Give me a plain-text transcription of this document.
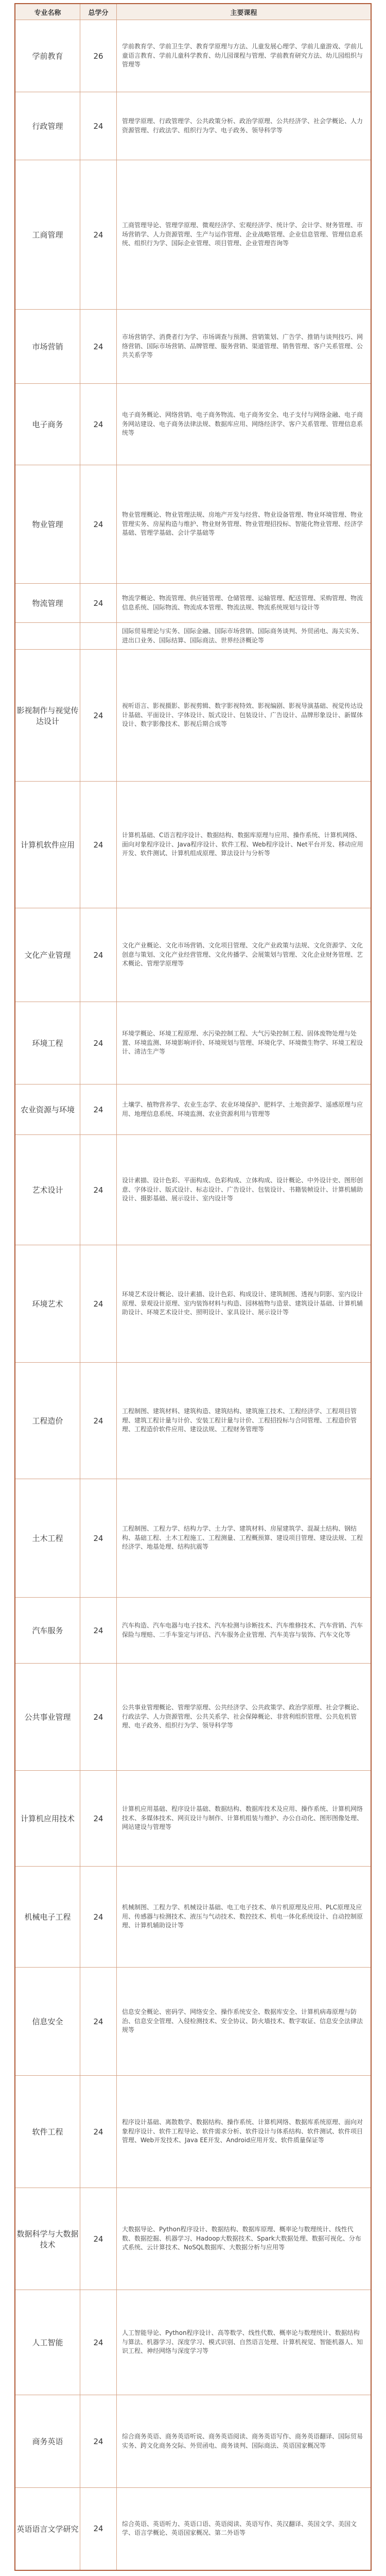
专业名称	总学分	主要课程
学前教育	26	学前教育学、学前卫生学、教育学原理与方法、儿童发展心理学、学前儿童游戏、学前儿童语言教育、学前儿童科学教育、幼儿园课程与管理、学前教育研究方法、幼儿园组织与管理等
行政管理	24	管理学原理、行政管理学、公共政策分析、政治学原理、公共经济学、社会学概论、人力资源管理、行政法学、组织行为学、电子政务、领导科学等
工商管理	24	工商管理导论、管理学原理、微观经济学、宏观经济学、统计学、会计学、财务管理、市场营销学、人力资源管理、生产与运作管理、企业战略管理、企业信息管理、管理信息系统、组织行为学、国际企业管理、项目管理、企业管理咨询等
市场营销	24	市场营销学、消费者行为学、市场调查与预测、营销策划、广告学、推销与谈判技巧、网络营销、国际市场营销、品牌管理、服务营销、渠道管理、销售管理、客户关系管理、公共关系学等
电子商务	24	电子商务概论、网络营销、电子商务物流、电子商务安全、电子支付与网络金融、电子商务网站建设、电子商务法律法规、数据库应用、网络经济学、客户关系管理、管理信息系统等
物业管理	24	物业管理概论、物业管理法规、房地产开发与经营、物业设备管理、物业环境管理、物业管理实务、房屋构造与维护、物业财务管理、物业管理招投标、智能化物业管理、经济学基础、管理学基础、会计学基础等
物流管理	24	物流学概论、物流管理、供应链管理、仓储管理、运输管理、配送管理、采购管理、物流信息系统、国际物流、物流成本管理、物流法规、物流系统规划与设计等
		国际贸易理论与实务、国际金融、国际市场营销、国际商务谈判、外贸函电、海关实务、进出口业务、国际结算、国际商法、世界经济概论等
影视制作与视觉传达设计	24	视听语言、影视摄影、影视剪辑、数字影视特效、影视编剧、影视导演基础、视觉传达设计基础、平面设计、字体设计、版式设计、包装设计、广告设计、品牌形象设计、新媒体设计、数字影像技术、影视后期合成等
计算机软件应用	24	计算机基础、C语言程序设计、数据结构、数据库原理与应用、操作系统、计算机网络、面向对象程序设计、Java程序设计、软件工程、Web程序设计、Net平台开发、移动应用开发、软件测试、计算机组成原理、算法设计与分析等
文化产业管理	24	文化产业概论、文化市场营销、文化项目管理、文化产业政策与法规、文化资源学、文化创意与策划、文化产业经营管理、文化传播学、会展策划与管理、文化企业财务管理、艺术概论、管理学原理等
环境工程	24	环境学概论、环境工程原理、水污染控制工程、大气污染控制工程、固体废物处理与处置、环境监测、环境影响评价、环境规划与管理、环境化学、环境微生物学、环境工程设计、清洁生产等
农业资源与环境	24	土壤学、植物营养学、农业生态学、农业环境保护、肥料学、土地资源学、遥感原理与应用、地理信息系统、环境监测、农业资源利用与管理等
艺术设计	24	设计素描、设计色彩、平面构成、色彩构成、立体构成、设计概论、中外设计史、图形创意、字体设计、版式设计、标志设计、广告设计、包装设计、书籍装帧设计、计算机辅助设计、摄影基础、展示设计、室内设计等
环境艺术	24	环境艺术设计概论、设计素描、设计色彩、构成设计、建筑制图、透视与阴影、室内设计原理、景观设计原理、室内装饰材料与构造、园林植物与造景、建筑设计基础、计算机辅助设计、环境艺术设计史、照明设计、家具设计、展示设计等
工程造价	24	工程制图、建筑材料、建筑构造、建筑结构、建筑施工技术、工程经济学、工程项目管理、建筑工程计量与计价、安装工程计量与计价、工程招投标与合同管理、工程造价管理、工程造价软件应用、建设法规、工程财务管理等
土木工程	24	工程制图、工程力学、结构力学、土力学、建筑材料、房屋建筑学、混凝土结构、钢结构、基础工程、土木工程施工、工程测量、工程概预算、建设项目管理、建设法规、工程经济学、地基处理、结构抗震等
汽车服务	24	汽车构造、汽车电器与电子技术、汽车检测与诊断技术、汽车维修技术、汽车营销、汽车保险与理赔、二手车鉴定与评估、汽车服务企业管理、汽车美容与装饰、汽车文化等
公共事业管理	24	公共事业管理概论、管理学原理、公共经济学、公共政策学、政治学原理、社会学概论、行政法学、人力资源管理、公共关系学、社会保障概论、非营利组织管理、公共危机管理、电子政务、组织行为学、领导科学等
计算机应用技术	24	计算机应用基础、程序设计基础、数据结构、数据库技术及应用、操作系统、计算机网络技术、多媒体技术、网页设计与制作、计算机组装与维护、办公自动化、图形图像处理、网站建设与管理等
机械电子工程	24	机械制图、工程力学、机械设计基础、电工电子技术、单片机原理及应用、PLC原理及应用、传感器与检测技术、液压与气动技术、数控技术、机电一体化系统设计、自动控制原理、计算机辅助设计等
信息安全	24	信息安全概论、密码学、网络安全、操作系统安全、数据库安全、计算机病毒原理与防治、信息安全管理、入侵检测技术、安全协议、防火墙技术、数字取证、信息安全法律法规等
软件工程	24	程序设计基础、离散数学、数据结构、操作系统、计算机网络、数据库系统原理、面向对象程序设计、软件工程导论、软件需求分析、软件设计与体系结构、软件测试、软件项目管理、Web开发技术、Java EE开发、Android应用开发、软件质量保证等
数据科学与大数据技术	24	大数据导论、Python程序设计、数据结构、数据库原理、概率论与数理统计、线性代数、数据挖掘、机器学习、Hadoop大数据技术、Spark大数据处理、数据可视化、分布式系统、云计算技术、NoSQL数据库、大数据分析与应用等
人工智能	24	人工智能导论、Python程序设计、高等数学、线性代数、概率论与数理统计、数据结构与算法、机器学习、深度学习、模式识别、自然语言处理、计算机视觉、智能机器人、知识工程、神经网络与深度学习等
商务英语	24	综合商务英语、商务英语听说、商务英语阅读、商务英语写作、商务英语翻译、国际贸易实务、跨文化商务交际、外贸函电、商务谈判、国际商法、英语国家概况等
英语语言文学研究	24	综合英语、英语听力、英语口语、英语阅读、英语写作、英汉翻译、英国文学、美国文学、语言学概论、英语国家概况、第二外语等
